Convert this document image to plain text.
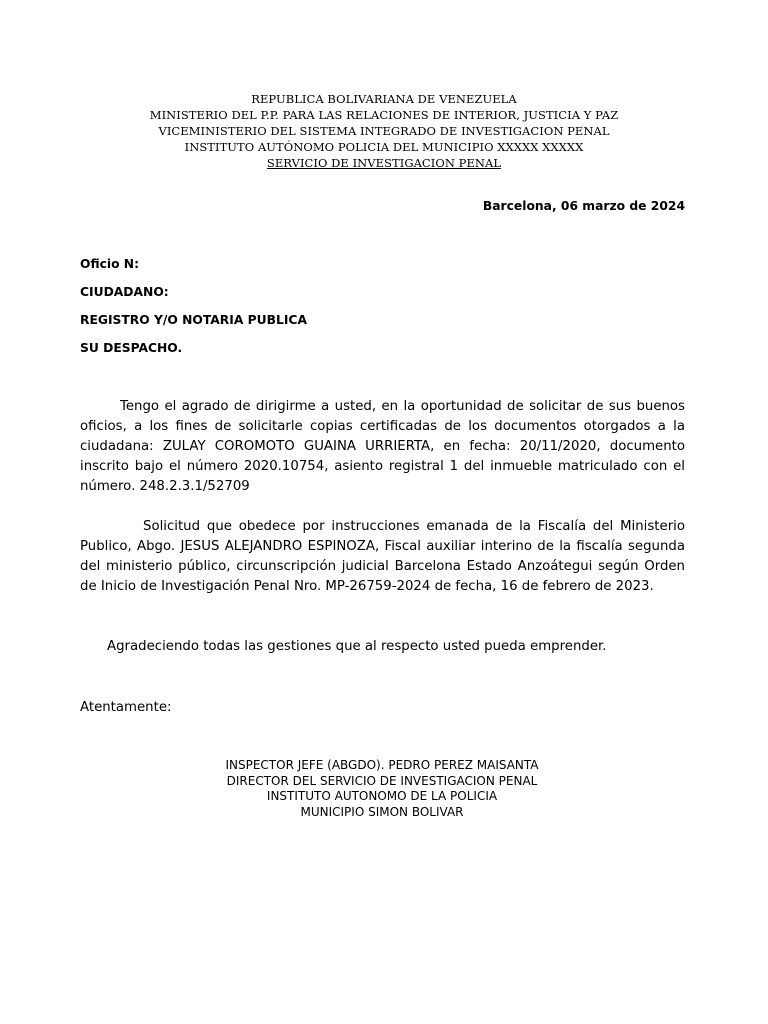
REPUBLICA BOLIVARIANA DE VENEZUELA
MINISTERIO DEL P.P. PARA LAS RELACIONES DE INTERIOR, JUSTICIA Y PAZ
VICEMINISTERIO DEL SISTEMA INTEGRADO DE INVESTIGACION PENAL
INSTITUTO AUTÓNOMO POLICIA DEL MUNICIPIO XXXXX XXXXX
SERVICIO DE INVESTIGACION PENAL
Barcelona, 06 marzo de 2024
Oficio N:
CIUDADANO:
REGISTRO Y/O NOTARIA PUBLICA
SU DESPACHO.
Tengo el agrado de dirigirme a usted, en la oportunidad de solicitar de sus buenos oficios, a los fines de solicitarle copias certificadas de los documentos otorgados a la ciudadana: ZULAY COROMOTO GUAINA URRIERTA, en fecha: 20/11/2020, documento inscrito bajo el número 2020.10754, asiento registral 1 del inmueble matriculado con el número. 248.2.3.1/52709
Solicitud que obedece por instrucciones emanada de la Fiscalía del Ministerio Publico, Abgo. JESUS ALEJANDRO ESPINOZA, Fiscal auxiliar interino de la fiscalía segunda del ministerio público, circunscripción judicial Barcelona Estado Anzoátegui según Orden de Inicio de Investigación Penal Nro. MP-26759-2024 de fecha, 16 de febrero de 2023.
Agradeciendo todas las gestiones que al respecto usted pueda emprender.
Atentamente:
INSPECTOR JEFE (ABGDO). PEDRO PEREZ MAISANTA
DIRECTOR DEL SERVICIO DE INVESTIGACION PENAL
INSTITUTO AUTONOMO DE LA POLICIA
MUNICIPIO SIMON BOLIVAR
